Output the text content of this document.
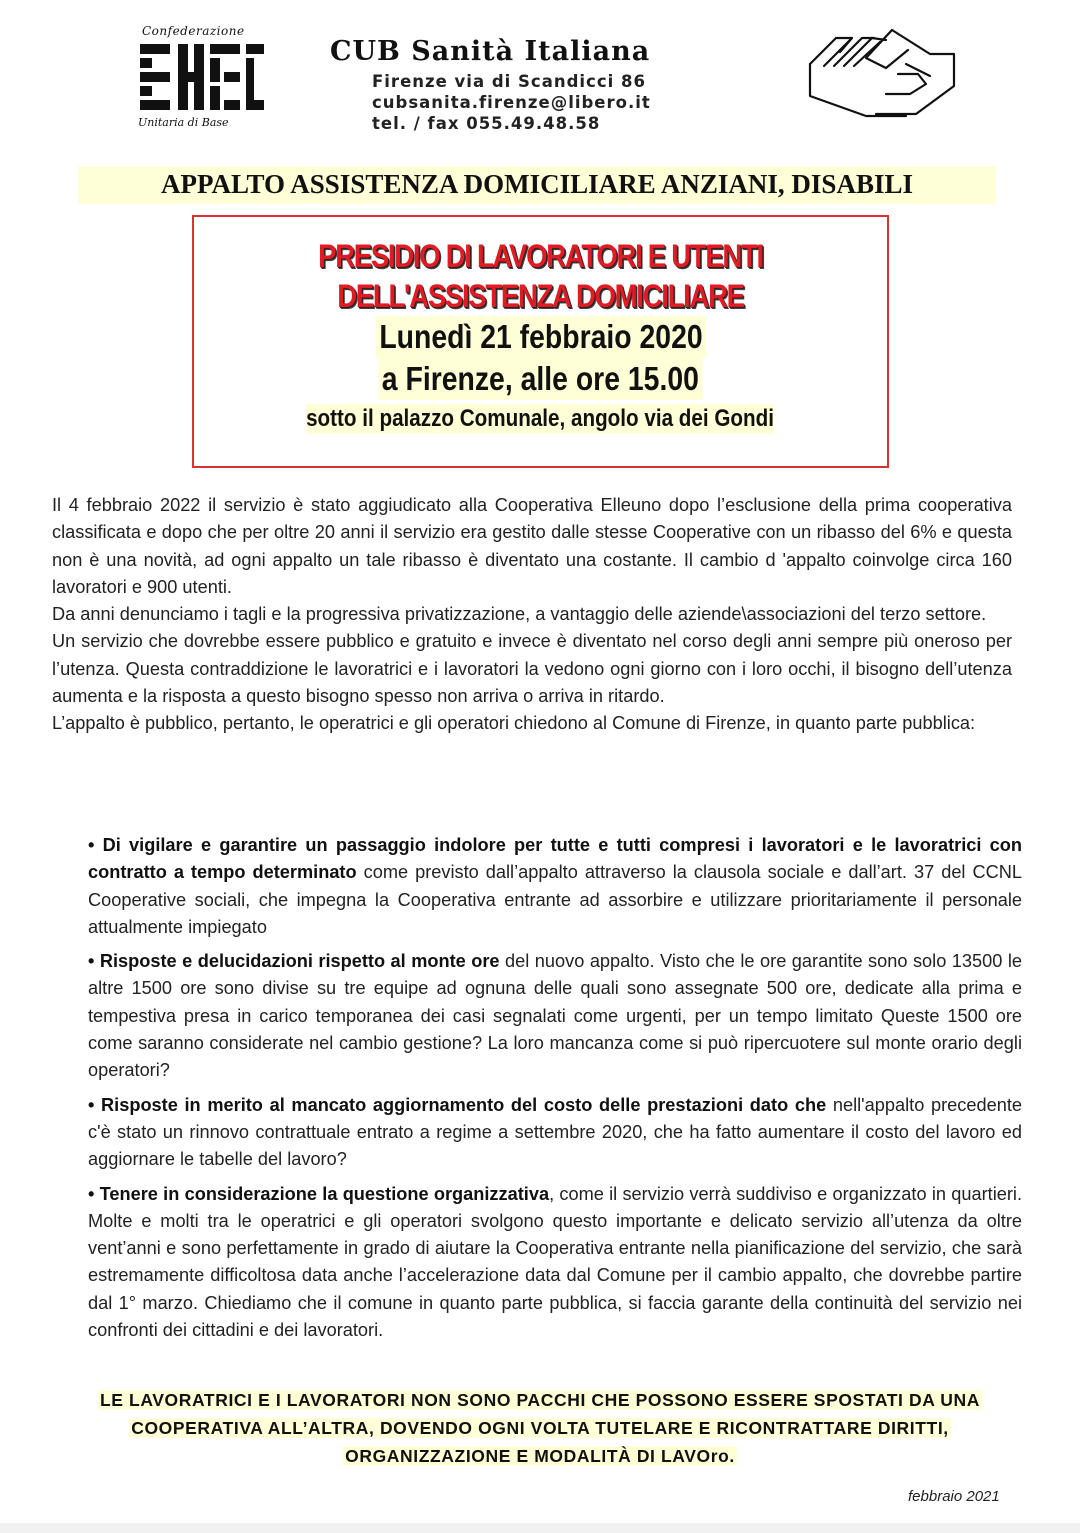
Confederazione
Unitaria di Base
CUB Sanità Italiana
Firenze via di Scandicci 86
cubsanita.firenze@libero.it
tel. / fax 055.49.48.58
APPALTO ASSISTENZA DOMICILIARE ANZIANI, DISABILI
PRESIDIO DI LAVORATORI E UTENTI
DELL'ASSISTENZA DOMICILIARE
Lunedì 21 febbraio 2020
a Firenze, alle ore 15.00
sotto il palazzo Comunale, angolo via dei Gondi

Il 4 febbraio 2022 il servizio è stato aggiudicato alla Cooperativa Elleuno dopo l’esclusione della prima cooperativa classificata e dopo che per oltre 20 anni il servizio era gestito dalle stesse Cooperative con un ribasso del 6% e questa non è una novità, ad ogni appalto un tale ribasso è diventato una costante. Il cambio d 'appalto coinvolge circa 160 lavoratori e 900 utenti.

Da anni denunciamo i tagli e la progressiva privatizzazione, a vantaggio delle aziende\associazioni del terzo settore.

Un servizio che dovrebbe essere pubblico e gratuito e invece è diventato nel corso degli anni sempre più oneroso per l’utenza. Questa contraddizione le lavoratrici e i lavoratori la vedono ogni giorno con i loro occhi, il bisogno dell’utenza aumenta e la risposta a questo bisogno spesso non arriva o arriva in ritardo.

L’appalto è pubblico, pertanto, le operatrici e gli operatori chiedono al Comune di Firenze, in quanto parte pubblica:

• Di vigilare e garantire un passaggio indolore per tutte e tutti compresi i lavoratori e le lavoratrici con contratto a tempo determinato come previsto dall’appalto attraverso la clausola sociale e dall’art. 37 del CCNL Cooperative sociali, che impegna la Cooperativa entrante ad assorbire e utilizzare prioritariamente il personale attualmente impiegato

• Risposte e delucidazioni rispetto al monte ore del nuovo appalto. Visto che le ore garantite sono solo 13500 le altre 1500 ore sono divise su tre equipe ad ognuna delle quali sono assegnate 500 ore, dedicate alla prima e tempestiva presa in carico temporanea dei casi segnalati come urgenti, per un tempo limitato Queste 1500 ore come saranno considerate nel cambio gestione? La loro mancanza come si può ripercuotere sul monte orario degli operatori?

• Risposte in merito al mancato aggiornamento del costo delle prestazioni dato che nell'appalto precedente c'è stato un rinnovo contrattuale entrato a regime a settembre 2020, che ha fatto aumentare il costo del lavoro ed aggiornare le tabelle del lavoro?

• Tenere in considerazione la questione organizzativa, come il servizio verrà suddiviso e organizzato in quartieri. Molte e molti tra le operatrici e gli operatori svolgono questo importante e delicato servizio all’utenza da oltre vent’anni e sono perfettamente in grado di aiutare la Cooperativa entrante nella pianificazione del servizio, che sarà estremamente difficoltosa data anche l’accelerazione data dal Comune per il cambio appalto, che dovrebbe partire dal 1° marzo. Chiediamo che il comune in quanto parte pubblica, si faccia garante della continuità del servizio nei confronti dei cittadini e dei lavoratori.

LE LAVORATRICI E I LAVORATORI NON SONO PACCHI CHE POSSONO ESSERE SPOSTATI DA UNA
COOPERATIVA ALL’ALTRA, DOVENDO OGNI VOLTA TUTELARE E RICONTRATTARE DIRITTI,
ORGANIZZAZIONE E MODALITÀ DI LAVOro.
febbraio 2021
